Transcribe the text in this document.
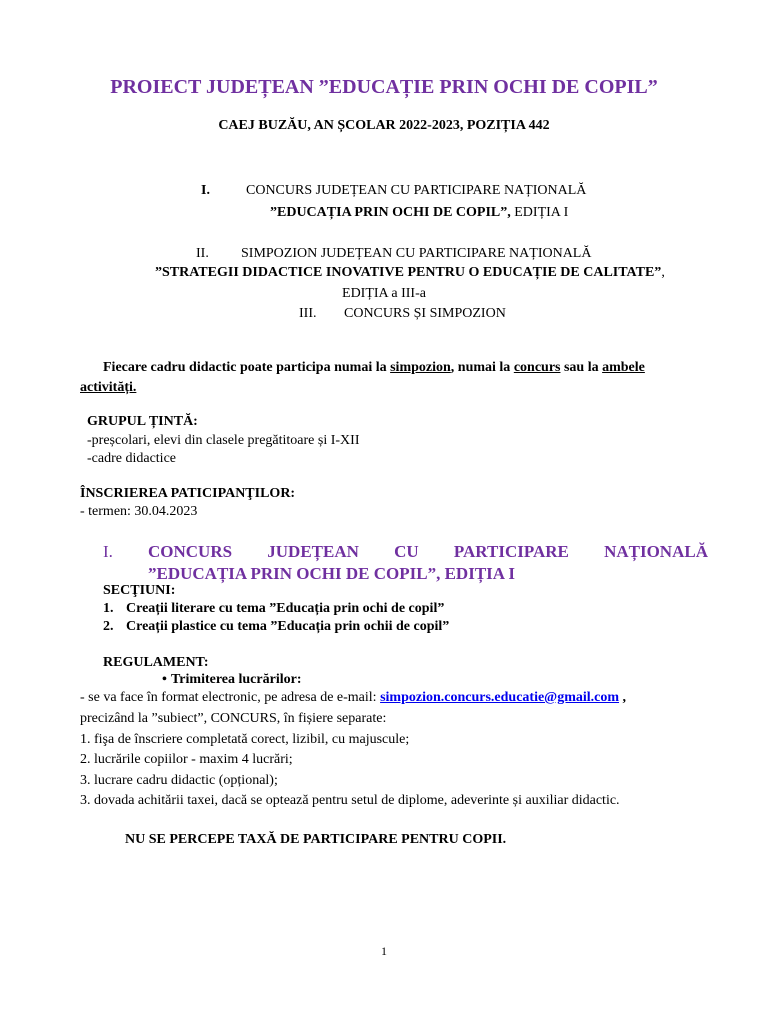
PROIECT JUDEȚEAN ”EDUCAȚIE PRIN OCHI DE COPIL”
CAEJ BUZĂU, AN ȘCOLAR 2022-2023, POZIȚIA 442
I.	CONCURS JUDEȚEAN CU PARTICIPARE NAȚIONALĂ
”EDUCAȚIA PRIN OCHI DE COPIL”, EDIȚIA I
II. SIMPOZION JUDEȚEAN CU PARTICIPARE NAȚIONALĂ
”STRATEGII DIDACTICE INOVATIVE PENTRU O EDUCAȚIE DE CALITATE”,
EDIȚIA a III-a
III. CONCURS ȘI SIMPOZION
Fiecare cadru didactic poate participa numai la simpozion, numai la concurs sau la ambele
activități.
GRUPUL ȚINTĂ:
-preșcolari, elevi din clasele pregătitoare și I-XII
-cadre didactice
ÎNSCRIEREA PATICIPANŢILOR:
- termen: 30.04.2023
I. CONCURS JUDEȚEAN CU PARTICIPARE NAȚIONALĂ
”EDUCAȚIA PRIN OCHI DE COPIL”, EDIȚIA I
SECŢIUNI:
1. Creații literare cu tema ”Educația prin ochi de copil”
2. Creații plastice cu tema ”Educația prin ochii de copil”
REGULAMENT:
• Trimiterea lucrărilor:
- se va face în format electronic, pe adresa de e-mail: simpozion.concurs.educatie@gmail.com ,
precizând la ”subiect”, CONCURS, în fișiere separate:
1. fişa de înscriere completată corect, lizibil, cu majuscule;
2. lucrările copiilor - maxim 4 lucrări;
3. lucrare cadru didactic (opțional);
3. dovada achitării taxei, dacă se optează pentru setul de diplome, adeverinte și auxiliar didactic.
NU SE PERCEPE TAXĂ DE PARTICIPARE PENTRU COPII.
1
